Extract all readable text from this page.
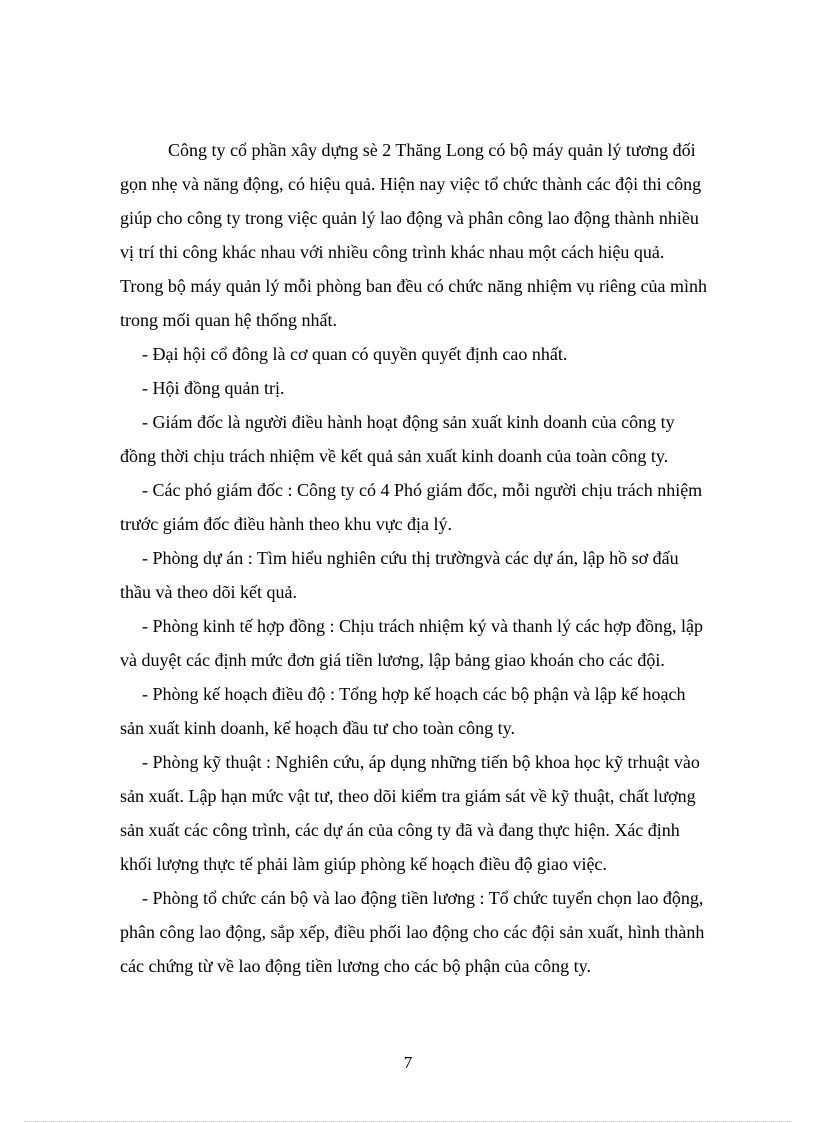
Công ty cổ phần xây dựng sè 2 Thăng Long có bộ máy quản lý tương đối
gọn nhẹ và năng động, có hiệu quả. Hiện nay việc tổ chức thành các đội thi công
giúp cho công ty trong việc quản lý lao động và phân công lao động thành nhiều
vị trí thi công khác nhau với nhiều công trình khác nhau một cách hiệu quả.
Trong bộ máy quản lý mỗi phòng ban đều có chức năng nhiệm vụ riêng của mình
trong mối quan hệ thống nhất.

- Đại hội cổ đông là cơ quan có quyền quyết định cao nhất.

- Hội đồng quản trị.

- Giám đốc là người điều hành hoạt động sản xuất kinh doanh của công ty
đồng thời chịu trách nhiệm về kết quả sản xuất kinh doanh của toàn công ty.

- Các phó giám đốc : Công ty có 4 Phó giám đốc, mỗi người chịu trách nhiệm
trước giám đốc điều hành theo khu vực địa lý.

- Phòng dự án : Tìm hiểu nghiên cứu thị trườngvà các dự án, lập hồ sơ đấu
thầu và theo dõi kết quả.

- Phòng kinh tế hợp đồng : Chịu trách nhiệm ký và thanh lý các hợp đồng, lập
và duyệt các định mức đơn giá tiền lương, lập bảng giao khoán cho các đội.

- Phòng kế hoạch điều độ : Tổng hợp kế hoạch các bộ phận và lập kế hoạch
sản xuất kinh doanh, kế hoạch đầu tư cho toàn công ty.

- Phòng kỹ thuật : Nghiên cứu, áp dụng những tiến bộ khoa học kỹ trhuật vào
sản xuất. Lập hạn mức vật tư, theo dõi kiểm tra giám sát về kỹ thuật, chất lượng
sản xuất các công trình, các dự án của công ty đã và đang thực hiện. Xác định
khối lượng thực tế phải làm giúp phòng kế hoạch điều độ giao việc.

- Phòng tổ chức cán bộ và lao động tiền lương : Tổ chức tuyển chọn lao động,
phân công lao động, sắp xếp, điều phối lao động cho các đội sản xuất, hình thành
các chứng từ về lao động tiền lương cho các bộ phận của công ty.

7
